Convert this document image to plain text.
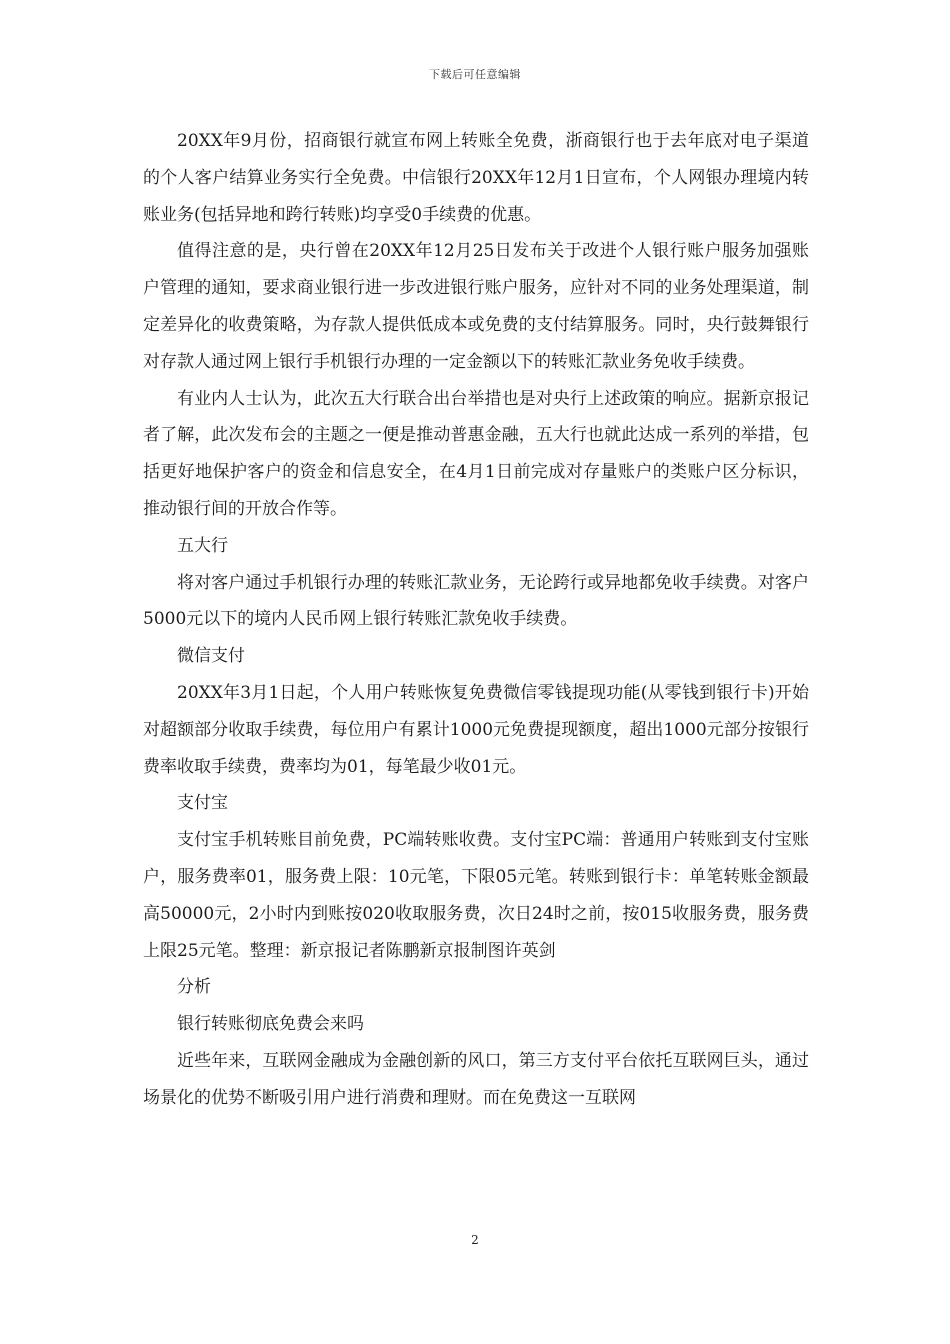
下载后可任意编辑

20XX年9月份，招商银行就宣布网上转账全免费，浙商银行也于去年底对电子渠道的个人客户结算业务实行全免费。中信银行20XX年12月1日宣布，个人网银办理境内转账业务(包括异地和跨行转账)均享受0手续费的优惠。

值得注意的是，央行曾在20XX年12月25日发布关于改进个人银行账户服务加强账户管理的通知，要求商业银行进一步改进银行账户服务，应针对不同的业务处理渠道，制定差异化的收费策略，为存款人提供低成本或免费的支付结算服务。同时，央行鼓舞银行对存款人通过网上银行手机银行办理的一定金额以下的转账汇款业务免收手续费。

有业内人士认为，此次五大行联合出台举措也是对央行上述政策的响应。据新京报记者了解，此次发布会的主题之一便是推动普惠金融，五大行也就此达成一系列的举措，包括更好地保护客户的资金和信息安全，在4月1日前完成对存量账户的类账户区分标识，推动银行间的开放合作等。

五大行

将对客户通过手机银行办理的转账汇款业务，无论跨行或异地都免收手续费。对客户5000元以下的境内人民币网上银行转账汇款免收手续费。

微信支付

20XX年3月1日起，个人用户转账恢复免费微信零钱提现功能(从零钱到银行卡)开始对超额部分收取手续费，每位用户有累计1000元免费提现额度，超出1000元部分按银行费率收取手续费，费率均为01，每笔最少收01元。

支付宝

支付宝手机转账目前免费，PC端转账收费。支付宝PC端：普通用户转账到支付宝账户，服务费率01，服务费上限：10元笔，下限05元笔。转账到银行卡：单笔转账金额最高50000元，2小时内到账按020收取服务费，次日24时之前，按015收服务费，服务费上限25元笔。整理：新京报记者陈鹏新京报制图许英剑

分析

银行转账彻底免费会来吗

近些年来，互联网金融成为金融创新的风口，第三方支付平台依托互联网巨头，通过场景化的优势不断吸引用户进行消费和理财。而在免费这一互联网

2
